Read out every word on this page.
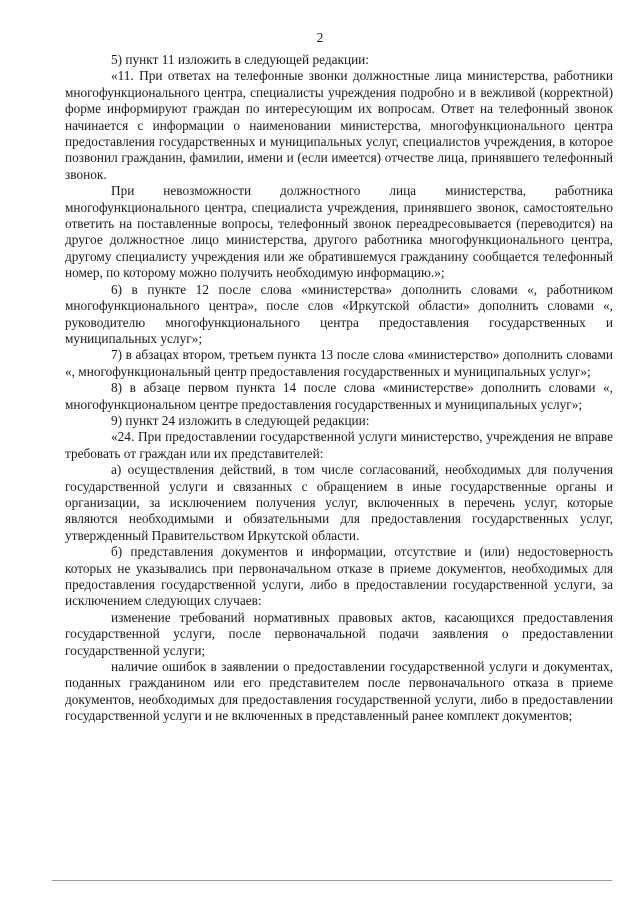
2

5) пункт 11 изложить в следующей редакции:

«11. При ответах на телефонные звонки должностные лица министерства, работники многофункционального центра, специалисты учреждения подробно и в вежливой (корректной) форме информируют граждан по интересующим их вопросам. Ответ на телефонный звонок начинается с информации о наименовании министерства, многофункционального центра предоставления государственных и муниципальных услуг, специалистов учреждения, в которое позвонил гражданин, фамилии, имени и (если имеется) отчестве лица, принявшего телефонный звонок.

При невозможности должностного лица министерства, работника многофункционального центра, специалиста учреждения, принявшего звонок, самостоятельно ответить на поставленные вопросы, телефонный звонок переадресовывается (переводится) на другое должностное лицо министерства, другого работника многофункционального центра, другому специалисту учреждения или же обратившемуся гражданину сообщается телефонный номер, по которому можно получить необходимую информацию.»;

6) в пункте 12 после слова «министерства» дополнить словами «, работником многофункционального центра», после слов «Иркутской области» дополнить словами «, руководителю многофункционального центра предоставления государственных и муниципальных услуг»;

7) в абзацах втором, третьем пункта 13 после слова «министерство» дополнить словами «, многофункциональный центр предоставления государственных и муниципальных услуг»;

8) в абзаце первом пункта 14 после слова «министерстве» дополнить словами «, многофункциональном центре предоставления государственных и муниципальных услуг»;

9) пункт 24 изложить в следующей редакции:

«24. При предоставлении государственной услуги министерство, учреждения не вправе требовать от граждан или их представителей:

а) осуществления действий, в том числе согласований, необходимых для получения государственной услуги и связанных с обращением в иные государственные органы и организации, за исключением получения услуг, включенных в перечень услуг, которые являются необходимыми и обязательными для предоставления государственных услуг, утвержденный Правительством Иркутской области.

б) представления документов и информации, отсутствие и (или) недостоверность которых не указывались при первоначальном отказе в приеме документов, необходимых для предоставления государственной услуги, либо в предоставлении государственной услуги, за исключением следующих случаев:

изменение требований нормативных правовых актов, касающихся предоставления государственной услуги, после первоначальной подачи заявления о предоставлении государственной услуги;

наличие ошибок в заявлении о предоставлении государственной услуги и документах, поданных гражданином или его представителем после первоначального отказа в приеме документов, необходимых для предоставления государственной услуги, либо в предоставлении государственной услуги и не включенных в представленный ранее комплект документов;
